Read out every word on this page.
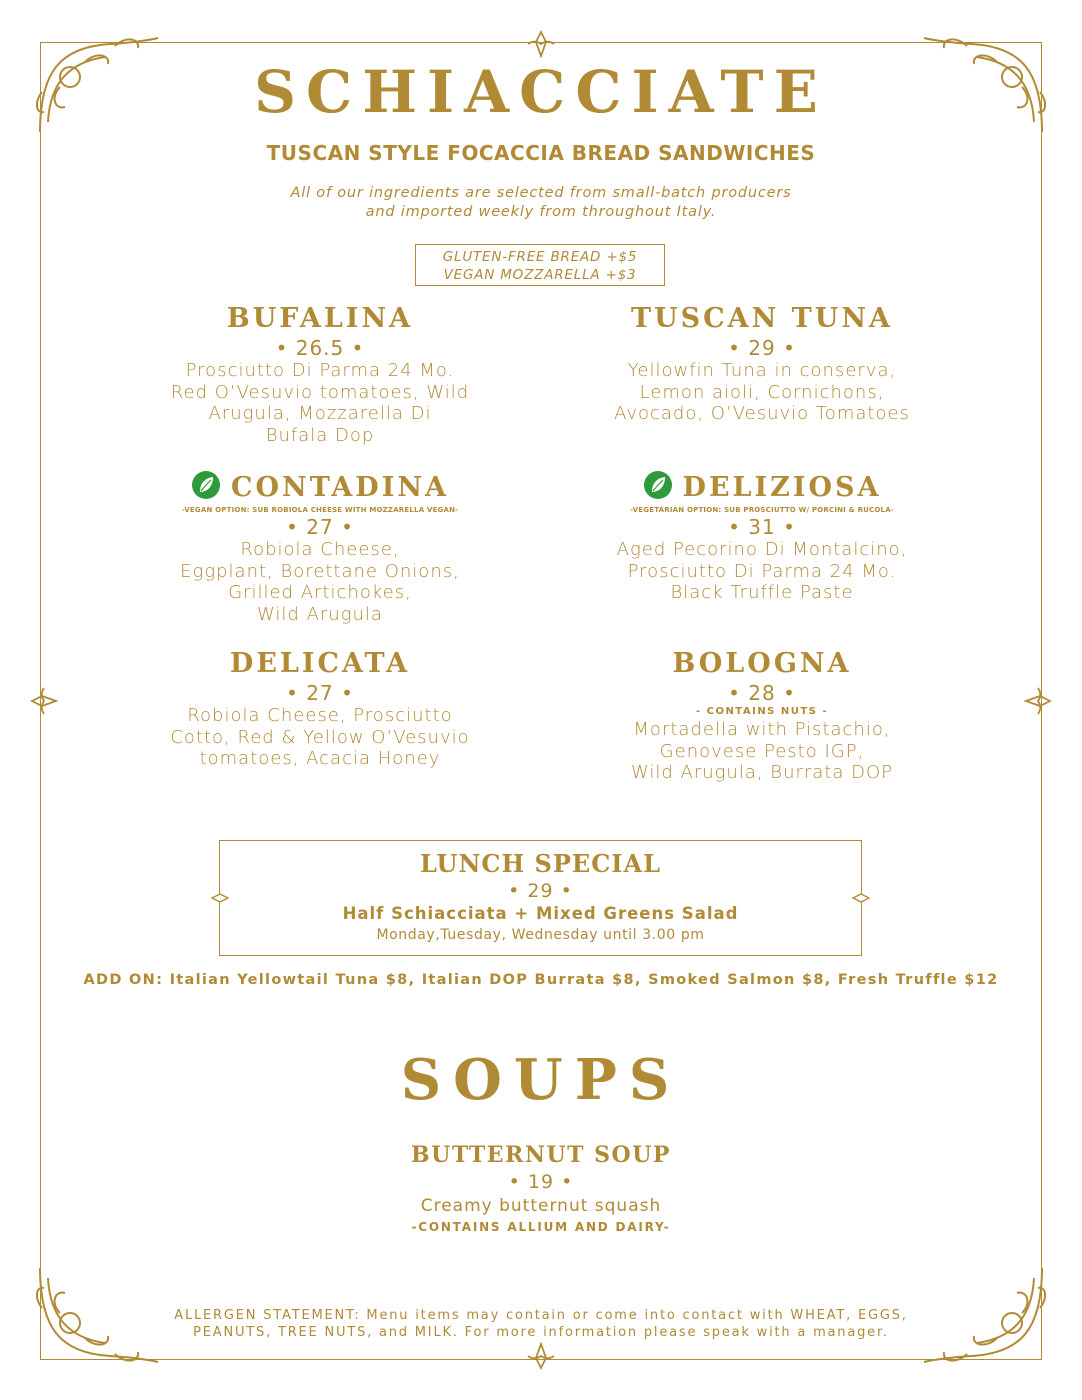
SCHIACCIATE
TUSCAN STYLE FOCACCIA BREAD SANDWICHES
All of our ingredients are selected from small-batch producers
and imported weekly from throughout Italy.
GLUTEN-FREE BREAD +$5
VEGAN MOZZARELLA +$3
BUFALINA
• 26.5 •
Prosciutto Di Parma 24 Mo.
Red O’Vesuvio tomatoes, Wild
Arugula, Mozzarella Di
Bufala Dop
TUSCAN TUNA
• 29 •
Yellowfin Tuna in conserva,
Lemon aioli, Cornichons,
Avocado, O’Vesuvio Tomatoes
CONTADINA
-VEGAN OPTION: SUB ROBIOLA CHEESE WITH MOZZARELLA VEGAN-
• 27 •
Robiola Cheese,
Eggplant, Borettane Onions,
Grilled Artichokes,
Wild Arugula
DELIZIOSA
-VEGETARIAN OPTION: SUB PROSCIUTTO W/ PORCINI & RUCOLA-
• 31 •
Aged Pecorino Di Montalcino,
Prosciutto Di Parma 24 Mo.
Black Truffle Paste
DELICATA
• 27 •
Robiola Cheese, Prosciutto
Cotto, Red & Yellow O’Vesuvio
tomatoes, Acacia Honey
BOLOGNA
• 28 •
- CONTAINS NUTS -
Mortadella with Pistachio,
Genovese Pesto IGP,
Wild Arugula, Burrata DOP
LUNCH SPECIAL
• 29 •
Half Schiacciata + Mixed Greens Salad
Monday,Tuesday, Wednesday until 3.00 pm
ADD ON: Italian Yellowtail Tuna $8, Italian DOP Burrata $8, Smoked Salmon $8, Fresh Truffle $12
SOUPS
BUTTERNUT SOUP
• 19 •
Creamy butternut squash
-CONTAINS ALLIUM AND DAIRY-
ALLERGEN STATEMENT: Menu items may contain or come into contact with WHEAT, EGGS, PEANUTS, TREE NUTS, and MILK. For more information please speak with a manager.
